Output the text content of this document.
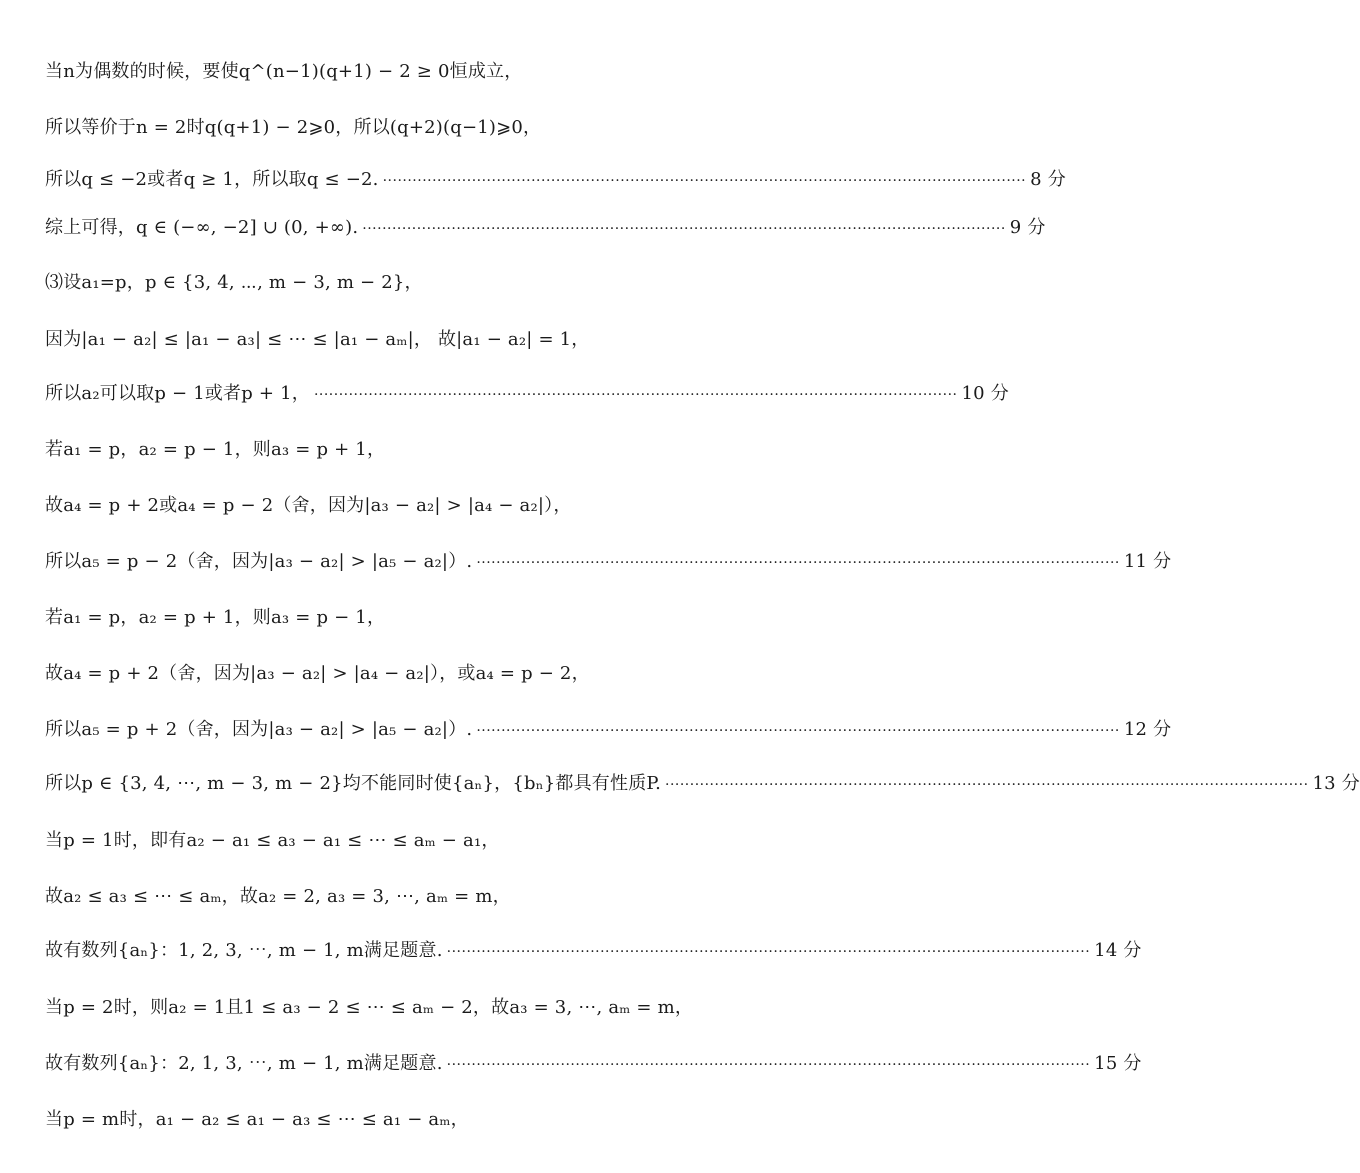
当n为偶数的时候，要使q^(n−1)(q+1) − 2 ≥ 0恒成立，
所以等价于n = 2时q(q+1) − 2⩾0，所以(q+2)(q−1)⩾0，
所以q ≤ −2或者q ≥ 1，所以取q ≤ −2. ·································································································································· 8 分
综上可得，q ∈ (−∞, −2] ∪ (0, +∞). ·································································································································· 9 分
⑶设a₁=p，p ∈ {3, 4, ⋯, m − 3, m − 2}，
因为|a₁ − a₂| ≤ |a₁ − a₃| ≤ ⋯ ≤ |a₁ − aₘ|， 故|a₁ − a₂| = 1，
所以a₂可以取p − 1或者p + 1， ·································································································································· 10 分
若a₁ = p，a₂ = p − 1，则a₃ = p + 1，
故a₄ = p + 2或a₄ = p − 2（舍，因为|a₃ − a₂| > |a₄ − a₂|），
所以a₅ = p − 2（舍，因为|a₃ − a₂| > |a₅ − a₂|）. ·································································································································· 11 分
若a₁ = p，a₂ = p + 1，则a₃ = p − 1，
故a₄ = p + 2（舍，因为|a₃ − a₂| > |a₄ − a₂|），或a₄ = p − 2，
所以a₅ = p + 2（舍，因为|a₃ − a₂| > |a₅ − a₂|）. ·································································································································· 12 分
所以p ∈ {3, 4, ⋯, m − 3, m − 2}均不能同时使{aₙ}，{bₙ}都具有性质P. ·································································································································· 13 分
当p = 1时，即有a₂ − a₁ ≤ a₃ − a₁ ≤ ⋯ ≤ aₘ − a₁，
故a₂ ≤ a₃ ≤ ⋯ ≤ aₘ，故a₂ = 2, a₃ = 3, ⋯, aₘ = m，
故有数列{aₙ}：1, 2, 3, ⋯, m − 1, m满足题意. ·································································································································· 14 分
当p = 2时，则a₂ = 1且1 ≤ a₃ − 2 ≤ ⋯ ≤ aₘ − 2，故a₃ = 3, ⋯, aₘ = m，
故有数列{aₙ}：2, 1, 3, ⋯, m − 1, m满足题意. ·································································································································· 15 分
当p = m时，a₁ − a₂ ≤ a₁ − a₃ ≤ ⋯ ≤ a₁ − aₘ，
